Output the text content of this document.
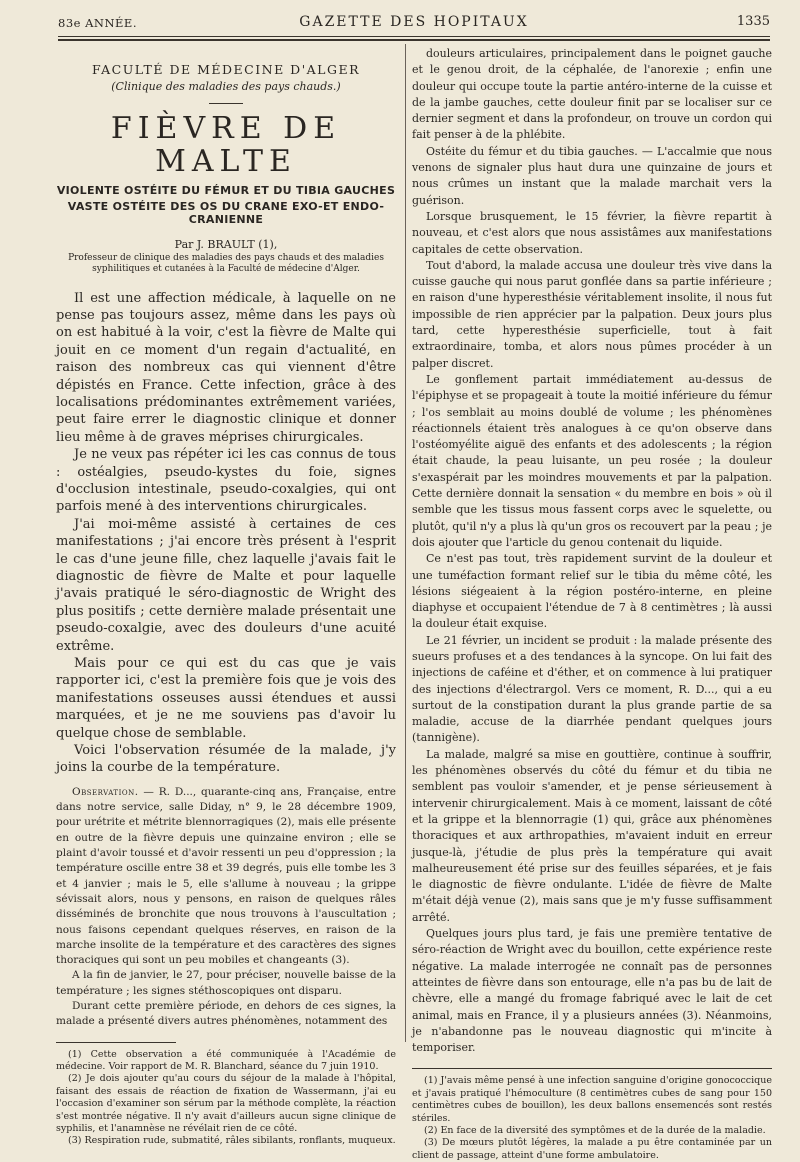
83e ANNÉE.	GAZETTE DES HOPITAUX	1335
FACULTÉ DE MÉDECINE D'ALGER
(Clinique des maladies des pays chauds.)
FIÈVRE DE MALTE
VIOLENTE OSTÉITE DU FÉMUR ET DU TIBIA GAUCHES
VASTE OSTÉITE DES OS DU CRANE EXO-ET ENDO-CRANIENNE
Par J. BRAULT (1),
Professeur de clinique des maladies des pays chauds et des maladies syphilitiques et cutanées à la Faculté de médecine d'Alger.

Il est une affection médicale, à laquelle on ne pense pas toujours assez, même dans les pays où on est habitué à la voir, c'est la fièvre de Malte qui jouit en ce moment d'un regain d'actualité, en raison des nombreux cas qui viennent d'être dépistés en France. Cette infection, grâce à des localisations prédominantes extrêmement variées, peut faire errer le diagnostic clinique et donner lieu même à de graves méprises chirurgicales.

Je ne veux pas répéter ici les cas connus de tous : ostéalgies, pseudo-kystes du foie, signes d'occlusion intestinale, pseudo-coxalgies, qui ont parfois mené à des interventions chirurgicales.

J'ai moi-même assisté à certaines de ces manifestations ; j'ai encore très présent à l'esprit le cas d'une jeune fille, chez laquelle j'avais fait le diagnostic de fièvre de Malte et pour laquelle j'avais pratiqué le séro-diagnostic de Wright des plus positifs ; cette dernière malade présentait une pseudo-coxalgie, avec des douleurs d'une acuité extrême.

Mais pour ce qui est du cas que je vais rapporter ici, c'est la première fois que je vois des manifestations osseuses aussi étendues et aussi marquées, et je ne me souviens pas d'avoir lu quelque chose de semblable.

Voici l'observation résumée de la malade, j'y joins la courbe de la température.

Observation. — R. D..., quarante-cinq ans, Française, entre dans notre service, salle Diday, n° 9, le 28 décembre 1909, pour urétrite et métrite blennorragiques (2), mais elle présente en outre de la fièvre depuis une quinzaine environ ; elle se plaint d'avoir toussé et d'avoir ressenti un peu d'oppression ; la température oscille entre 38 et 39 degrés, puis elle tombe les 3 et 4 janvier ; mais le 5, elle s'allume à nouveau ; la grippe sévissait alors, nous y pensons, en raison de quelques râles disséminés de bronchite que nous trouvons à l'auscultation ; nous faisons cependant quelques réserves, en raison de la marche insolite de la température et des caractères des signes thoraciques qui sont un peu mobiles et changeants (3).

A la fin de janvier, le 27, pour préciser, nouvelle baisse de la température ; les signes stéthoscopiques ont disparu.

Durant cette première période, en dehors de ces signes, la malade a présenté divers autres phénomènes, notamment des

(1) Cette observation a été communiquée à l'Académie de médecine. Voir rapport de M. R. Blanchard, séance du 7 juin 1910.

(2) Je dois ajouter qu'au cours du séjour de la malade à l'hôpital, faisant des essais de réaction de fixation de Wassermann, j'ai eu l'occasion d'examiner son sérum par la méthode complète, la réaction s'est montrée négative. Il n'y avait d'ailleurs aucun signe clinique de syphilis, et l'anamnèse ne révélait rien de ce côté.

(3) Respiration rude, submatité, râles sibilants, ronflants, muqueux.

douleurs articulaires, principalement dans le poignet gauche et le genou droit, de la céphalée, de l'anorexie ; enfin une douleur qui occupe toute la partie antéro-interne de la cuisse et de la jambe gauches, cette douleur finit par se localiser sur ce dernier segment et dans la profondeur, on trouve un cordon qui fait penser à de la phlébite.

Ostéite du fémur et du tibia gauches. — L'accalmie que nous venons de signaler plus haut dura une quinzaine de jours et nous crûmes un instant que la malade marchait vers la guérison.

Lorsque brusquement, le 15 février, la fièvre repartit à nouveau, et c'est alors que nous assistâmes aux manifestations capitales de cette observation.

Tout d'abord, la malade accusa une douleur très vive dans la cuisse gauche qui nous parut gonflée dans sa partie inférieure ; en raison d'une hyperesthésie véritablement insolite, il nous fut impossible de rien apprécier par la palpation. Deux jours plus tard, cette hyperesthésie superficielle, tout à fait extraordinaire, tomba, et alors nous pûmes procéder à un palper discret.

Le gonflement partait immédiatement au-dessus de l'épiphyse et se propageait à toute la moitié inférieure du fémur ; l'os semblait au moins doublé de volume ; les phénomènes réactionnels étaient très analogues à ce qu'on observe dans l'ostéomyélite aiguë des enfants et des adolescents ; la région était chaude, la peau luisante, un peu rosée ; la douleur s'exaspérait par les moindres mouvements et par la palpation. Cette dernière donnait la sensation « du membre en bois » où il semble que les tissus mous fassent corps avec le squelette, ou plutôt, qu'il n'y a plus là qu'un gros os recouvert par la peau ; je dois ajouter que l'article du genou contenait du liquide.

Ce n'est pas tout, très rapidement survint de la douleur et une tuméfaction formant relief sur le tibia du même côté, les lésions siégeaient à la région postéro-interne, en pleine diaphyse et occupaient l'étendue de 7 à 8 centimètres ; là aussi la douleur était exquise.

Le 21 février, un incident se produit : la malade présente des sueurs profuses et a des tendances à la syncope. On lui fait des injections de caféine et d'éther, et on commence à lui pratiquer des injections d'électrargol. Vers ce moment, R. D..., qui a eu surtout de la constipation durant la plus grande partie de sa maladie, accuse de la diarrhée pendant quelques jours (tannigène).

La malade, malgré sa mise en gouttière, continue à souffrir, les phénomènes observés du côté du fémur et du tibia ne semblent pas vouloir s'amender, et je pense sérieusement à intervenir chirurgicalement. Mais à ce moment, laissant de côté et la grippe et la blennorragie (1) qui, grâce aux phénomènes thoraciques et aux arthropathies, m'avaient induit en erreur jusque-là, j'étudie de plus près la température qui avait malheureusement été prise sur des feuilles séparées, et je fais le diagnostic de fièvre ondulante. L'idée de fièvre de Malte m'était déjà venue (2), mais sans que je m'y fusse suffisamment arrêté.

Quelques jours plus tard, je fais une première tentative de séro-réaction de Wright avec du bouillon, cette expérience reste négative. La malade interrogée ne connaît pas de personnes atteintes de fièvre dans son entourage, elle n'a pas bu de lait de chèvre, elle a mangé du fromage fabriqué avec le lait de cet animal, mais en France, il y a plusieurs années (3). Néanmoins, je n'abandonne pas le nouveau diagnostic qui m'incite à temporiser.

(1) J'avais même pensé à une infection sanguine d'origine gonococcique et j'avais pratiqué l'hémoculture (8 centimètres cubes de sang pour 150 centimètres cubes de bouillon), les deux ballons ensemencés sont restés stériles.

(2) En face de la diversité des symptômes et de la durée de la maladie.

(3) De mœurs plutôt légères, la malade a pu être contaminée par un client de passage, atteint d'une forme ambulatoire.
